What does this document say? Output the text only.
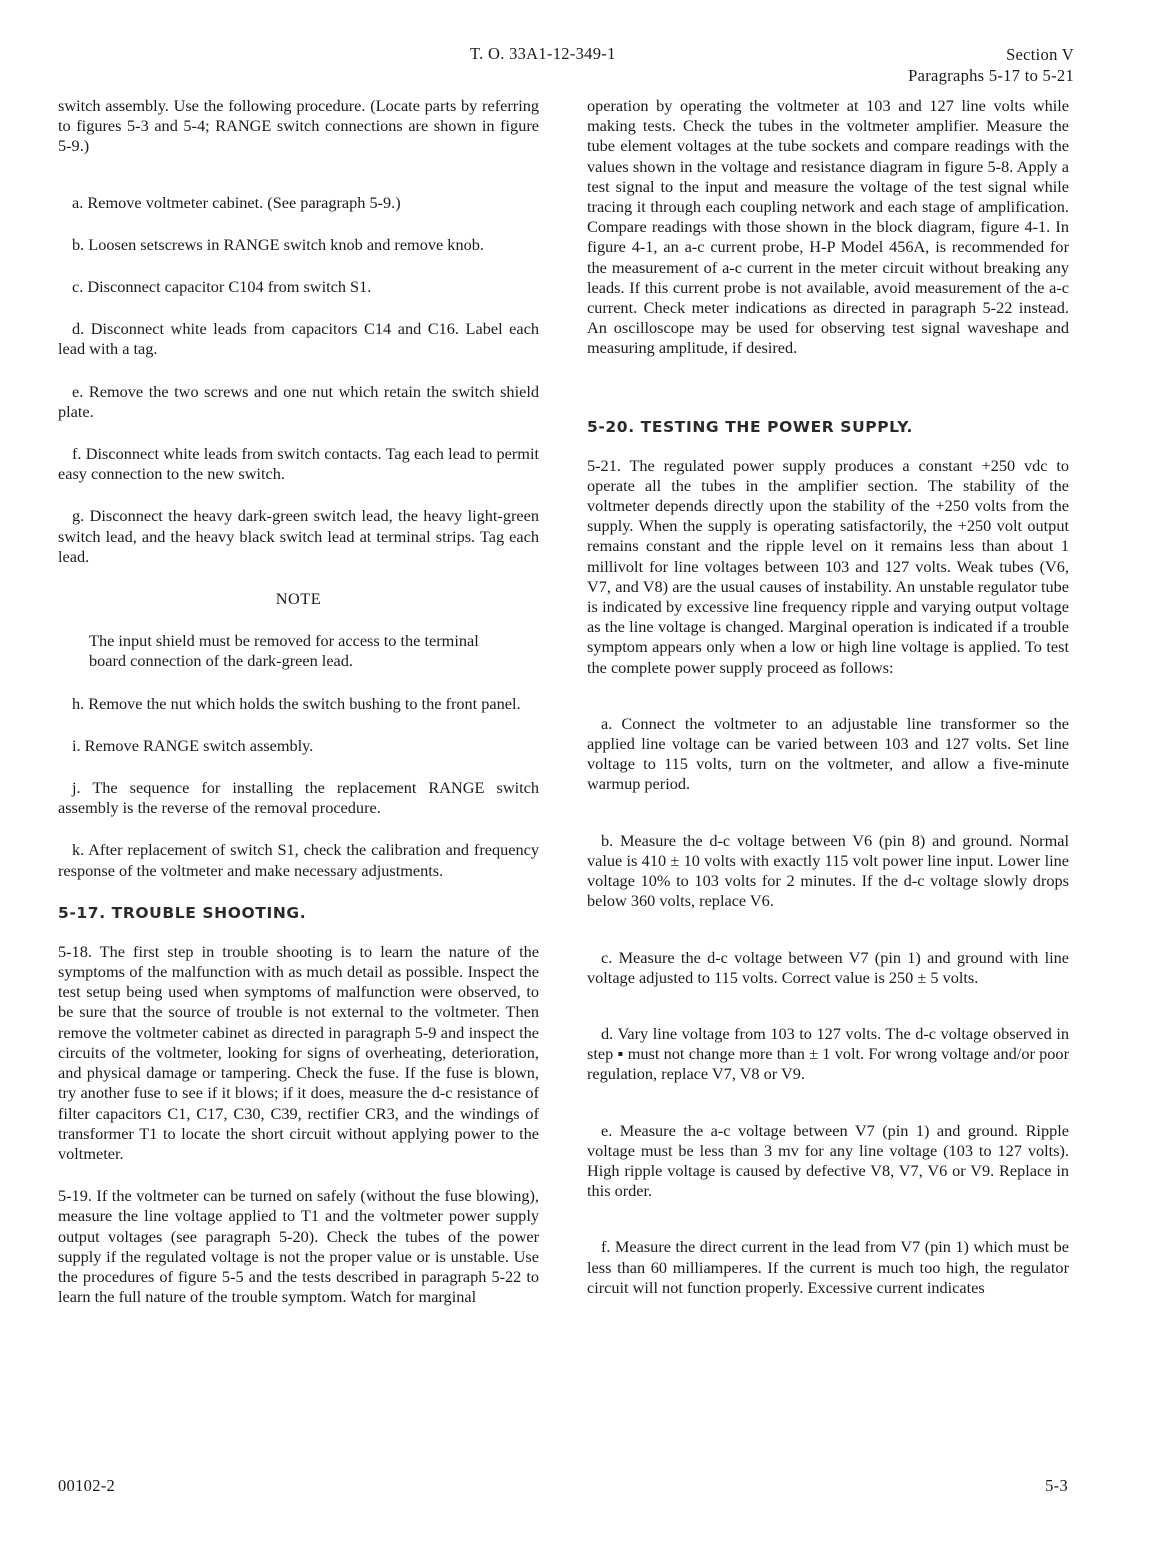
T. O. 33A1-12-349-1	Section V
Paragraphs 5-17 to 5-21

switch assembly. Use the following procedure. (Locate parts by referring to figures 5-3 and 5-4; RANGE switch connections are shown in figure 5-9.)

a. Remove voltmeter cabinet. (See paragraph 5-9.)

b. Loosen setscrews in RANGE switch knob and remove knob.

c. Disconnect capacitor C104 from switch S1.

d. Disconnect white leads from capacitors C14 and C16. Label each lead with a tag.

e. Remove the two screws and one nut which retain the switch shield plate.

f. Disconnect white leads from switch contacts. Tag each lead to permit easy connection to the new switch.

g. Disconnect the heavy dark-green switch lead, the heavy light-green switch lead, and the heavy black switch lead at terminal strips. Tag each lead.

NOTE

The input shield must be removed for access to the terminal board connection of the dark-green lead.

h. Remove the nut which holds the switch bushing to the front panel.

i. Remove RANGE switch assembly.

j. The sequence for installing the replacement RANGE switch assembly is the reverse of the removal procedure.

k. After replacement of switch S1, check the calibration and frequency response of the voltmeter and make necessary adjustments.

5-17. TROUBLE SHOOTING.

5-18. The first step in trouble shooting is to learn the nature of the symptoms of the malfunction with as much detail as possible. Inspect the test setup being used when symptoms of malfunction were observed, to be sure that the source of trouble is not external to the voltmeter. Then remove the voltmeter cabinet as directed in paragraph 5-9 and inspect the circuits of the voltmeter, looking for signs of overheating, deterioration, and physical damage or tampering. Check the fuse. If the fuse is blown, try another fuse to see if it blows; if it does, measure the d-c resistance of filter capacitors C1, C17, C30, C39, rectifier CR3, and the windings of transformer T1 to locate the short circuit without applying power to the voltmeter.

5-19. If the voltmeter can be turned on safely (without the fuse blowing), measure the line voltage applied to T1 and the voltmeter power supply output voltages (see paragraph 5-20). Check the tubes of the power supply if the regulated voltage is not the proper value or is unstable. Use the procedures of figure 5-5 and the tests described in paragraph 5-22 to learn the full nature of the trouble symptom. Watch for marginal

operation by operating the voltmeter at 103 and 127 line volts while making tests. Check the tubes in the voltmeter amplifier. Measure the tube element voltages at the tube sockets and compare readings with the values shown in the voltage and resistance diagram in figure 5-8. Apply a test signal to the input and measure the voltage of the test signal while tracing it through each coupling network and each stage of amplification. Compare readings with those shown in the block diagram, figure 4-1. In figure 4-1, an a-c current probe, H-P Model 456A, is recommended for the measurement of a-c current in the meter circuit without breaking any leads. If this current probe is not available, avoid measurement of the a-c current. Check meter indications as directed in paragraph 5-22 instead. An oscilloscope may be used for observing test signal waveshape and measuring amplitude, if desired.

5-20. TESTING THE POWER SUPPLY.

5-21. The regulated power supply produces a constant +250 vdc to operate all the tubes in the amplifier section. The stability of the voltmeter depends directly upon the stability of the +250 volts from the supply. When the supply is operating satisfactorily, the +250 volt output remains constant and the ripple level on it remains less than about 1 millivolt for line voltages between 103 and 127 volts. Weak tubes (V6, V7, and V8) are the usual causes of instability. An unstable regulator tube is indicated by excessive line frequency ripple and varying output voltage as the line voltage is changed. Marginal operation is indicated if a trouble symptom appears only when a low or high line voltage is applied. To test the complete power supply proceed as follows:

a. Connect the voltmeter to an adjustable line transformer so the applied line voltage can be varied between 103 and 127 volts. Set line voltage to 115 volts, turn on the voltmeter, and allow a five-minute warmup period.

b. Measure the d-c voltage between V6 (pin 8) and ground. Normal value is 410 ± 10 volts with exactly 115 volt power line input. Lower line voltage 10% to 103 volts for 2 minutes. If the d-c voltage slowly drops below 360 volts, replace V6.

c. Measure the d-c voltage between V7 (pin 1) and ground with line voltage adjusted to 115 volts. Correct value is 250 ± 5 volts.

d. Vary line voltage from 103 to 127 volts. The d-c voltage observed in step ▪ must not change more than ± 1 volt. For wrong voltage and/or poor regulation, replace V7, V8 or V9.

e. Measure the a-c voltage between V7 (pin 1) and ground. Ripple voltage must be less than 3 mv for any line voltage (103 to 127 volts). High ripple voltage is caused by defective V8, V7, V6 or V9. Replace in this order.

f. Measure the direct current in the lead from V7 (pin 1) which must be less than 60 milliamperes. If the current is much too high, the regulator circuit will not function properly. Excessive current indicates

00102-2	5-3
